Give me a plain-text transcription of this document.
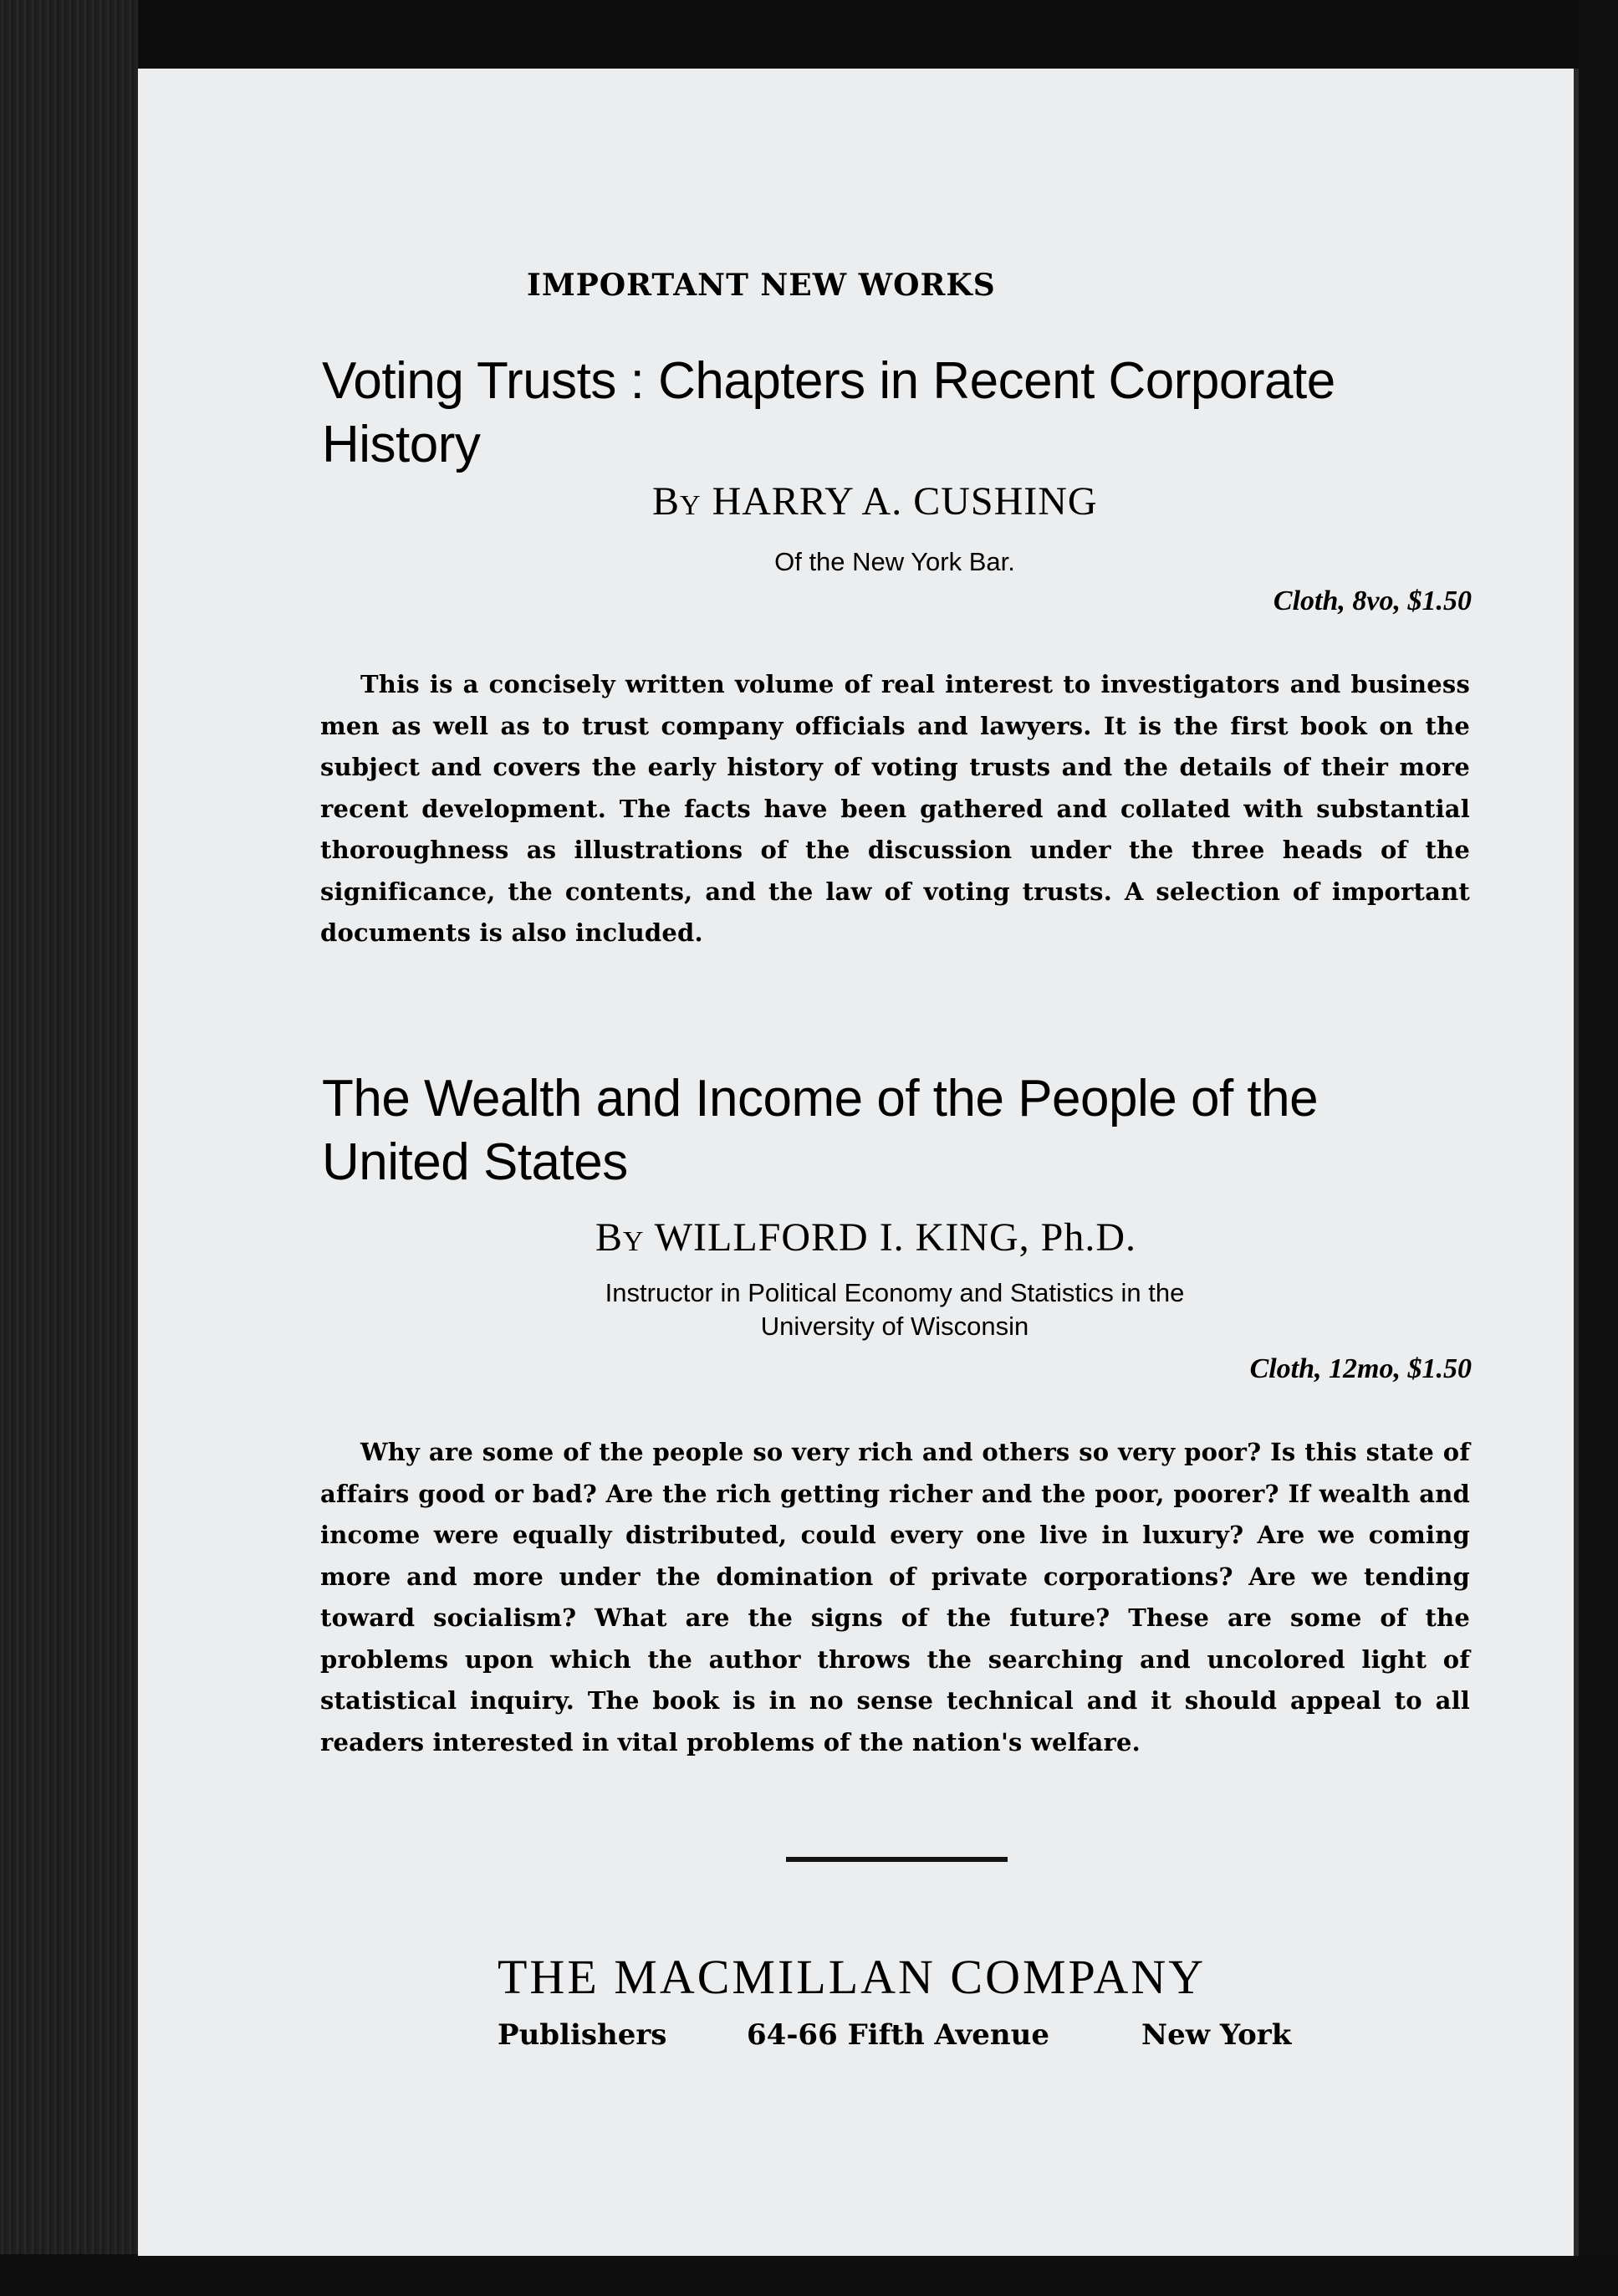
IMPORTANT NEW WORKS
Voting Trusts : Chapters in Recent Corporate
History
By HARRY A. CUSHING
Of the New York Bar.
Cloth, 8vo, $1.50
This is a concisely written volume of real interest to investigators and business men as well as to trust company officials and lawyers. It is the first book on the subject and covers the early history of voting trusts and the details of their more recent development. The facts have been gathered and collated with substantial thoroughness as illustrations of the discussion under the three heads of the significance, the contents, and the law of voting trusts. A selection of important documents is also included.
The Wealth and Income of the People of the
United States
By WILLFORD I. KING, Ph.D.
Instructor in Political Economy and Statistics in the
University of Wisconsin
Cloth, 12mo, $1.50
Why are some of the people so very rich and others so very poor? Is this state of affairs good or bad? Are the rich getting richer and the poor, poorer? If wealth and income were equally distributed, could every one live in luxury? Are we coming more and more under the domination of private corporations? Are we tending toward socialism? What are the signs of the future? These are some of the problems upon which the author throws the searching and uncolored light of statistical inquiry. The book is in no sense technical and it should appeal to all readers interested in vital problems of the nation's welfare.
THE MACMILLAN COMPANY
Publishers	64-66 Fifth Avenue	New York
